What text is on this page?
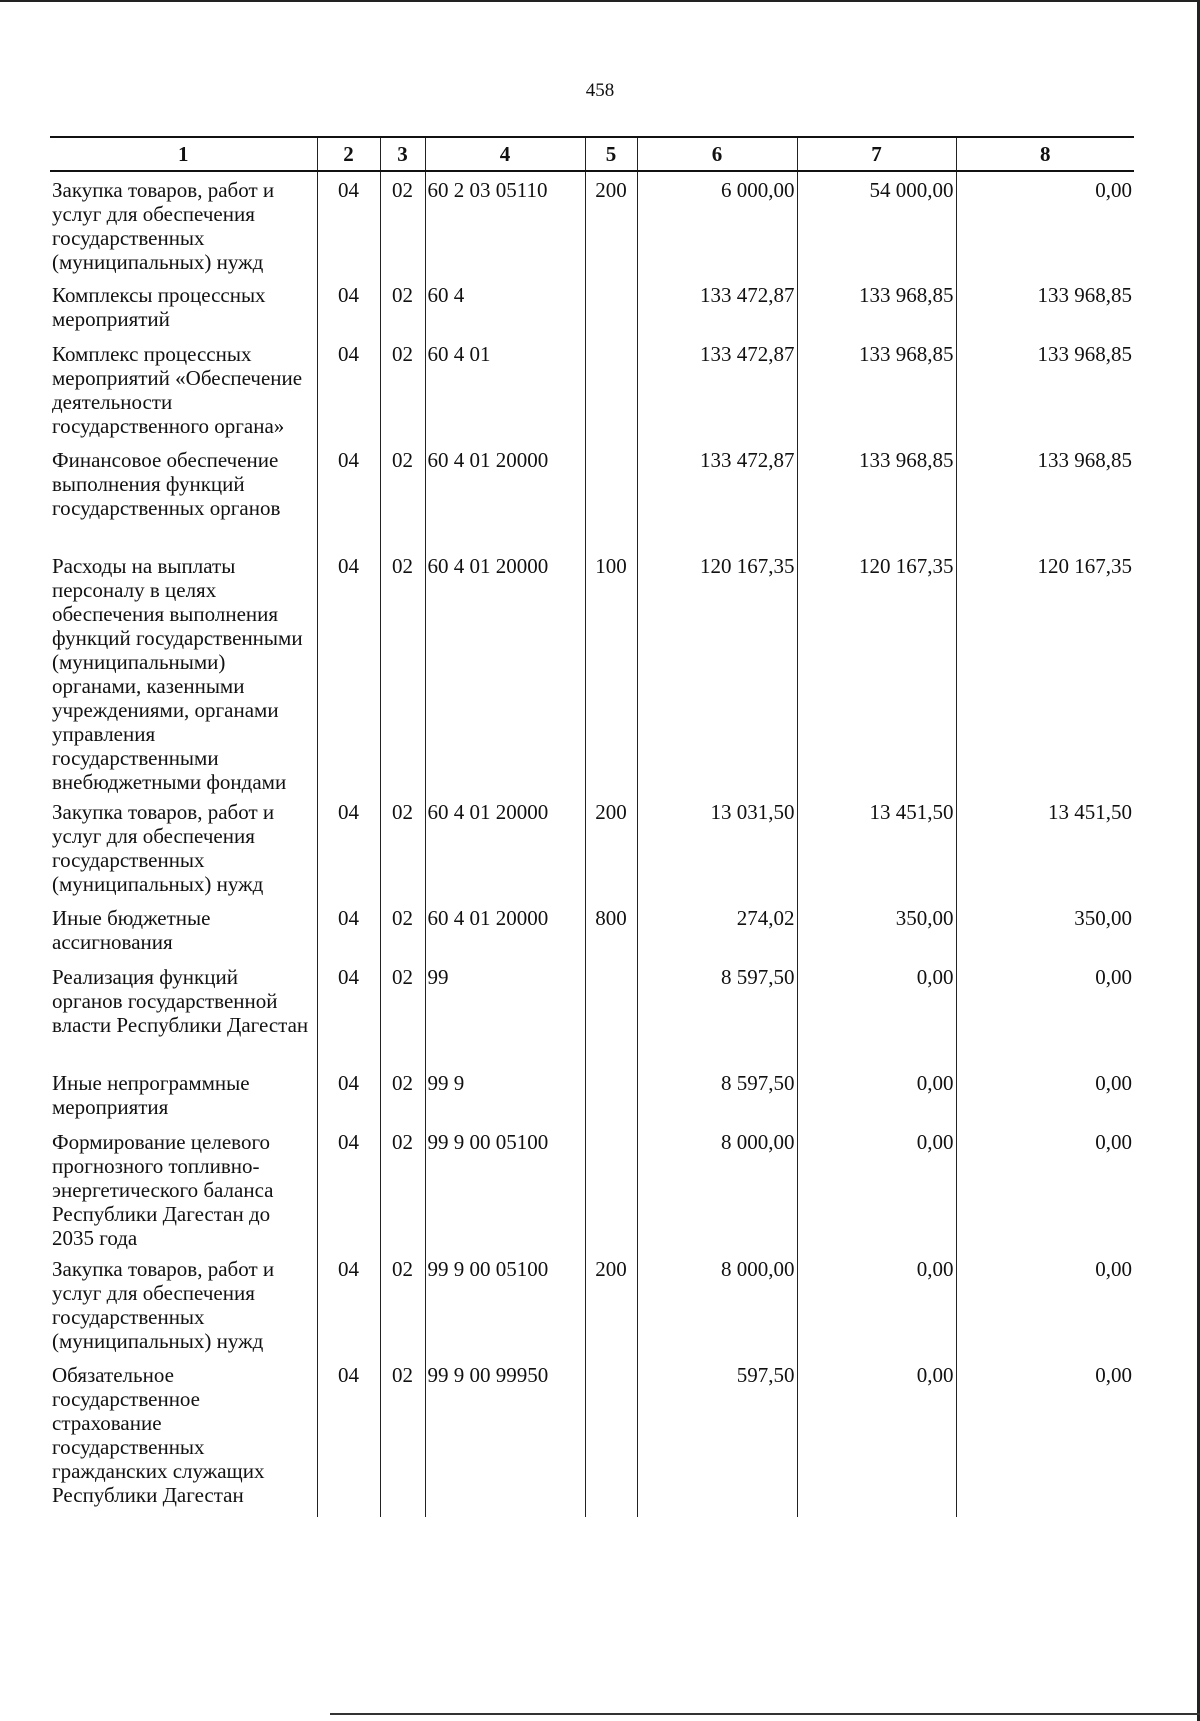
458
1	2	3	4	5	6	7	8
Закупка товаров, работ и услуг для обеспечения государственных (муниципальных) нужд	04	02	60 2 03 05110	200	6 000,00	54 000,00	0,00
Комплексы процессных мероприятий	04	02	60 4		133 472,87	133 968,85	133 968,85
Комплекс процессных мероприятий «Обеспечение деятельности государственного органа»	04	02	60 4 01		133 472,87	133 968,85	133 968,85
Финансовое обеспечение выполнения функций государственных органов	04	02	60 4 01 20000		133 472,87	133 968,85	133 968,85
Расходы на выплаты персоналу в целях обеспечения выполнения функций государственными (муниципальными) органами, казенными учреждениями, органами управления государственными внебюджетными фондами	04	02	60 4 01 20000	100	120 167,35	120 167,35	120 167,35
Закупка товаров, работ и услуг для обеспечения государственных (муниципальных) нужд	04	02	60 4 01 20000	200	13 031,50	13 451,50	13 451,50
Иные бюджетные ассигнования	04	02	60 4 01 20000	800	274,02	350,00	350,00
Реализация функций органов государственной власти Республики Дагестан	04	02	99		8 597,50	0,00	0,00
Иные непрограммные мероприятия	04	02	99 9		8 597,50	0,00	0,00
Формирование целевого прогнозного топливно-энергетического баланса Республики Дагестан до 2035 года	04	02	99 9 00 05100		8 000,00	0,00	0,00
Закупка товаров, работ и услуг для обеспечения государственных (муниципальных) нужд	04	02	99 9 00 05100	200	8 000,00	0,00	0,00
Обязательное государственное страхование государственных гражданских служащих Республики Дагестан	04	02	99 9 00 99950		597,50	0,00	0,00
